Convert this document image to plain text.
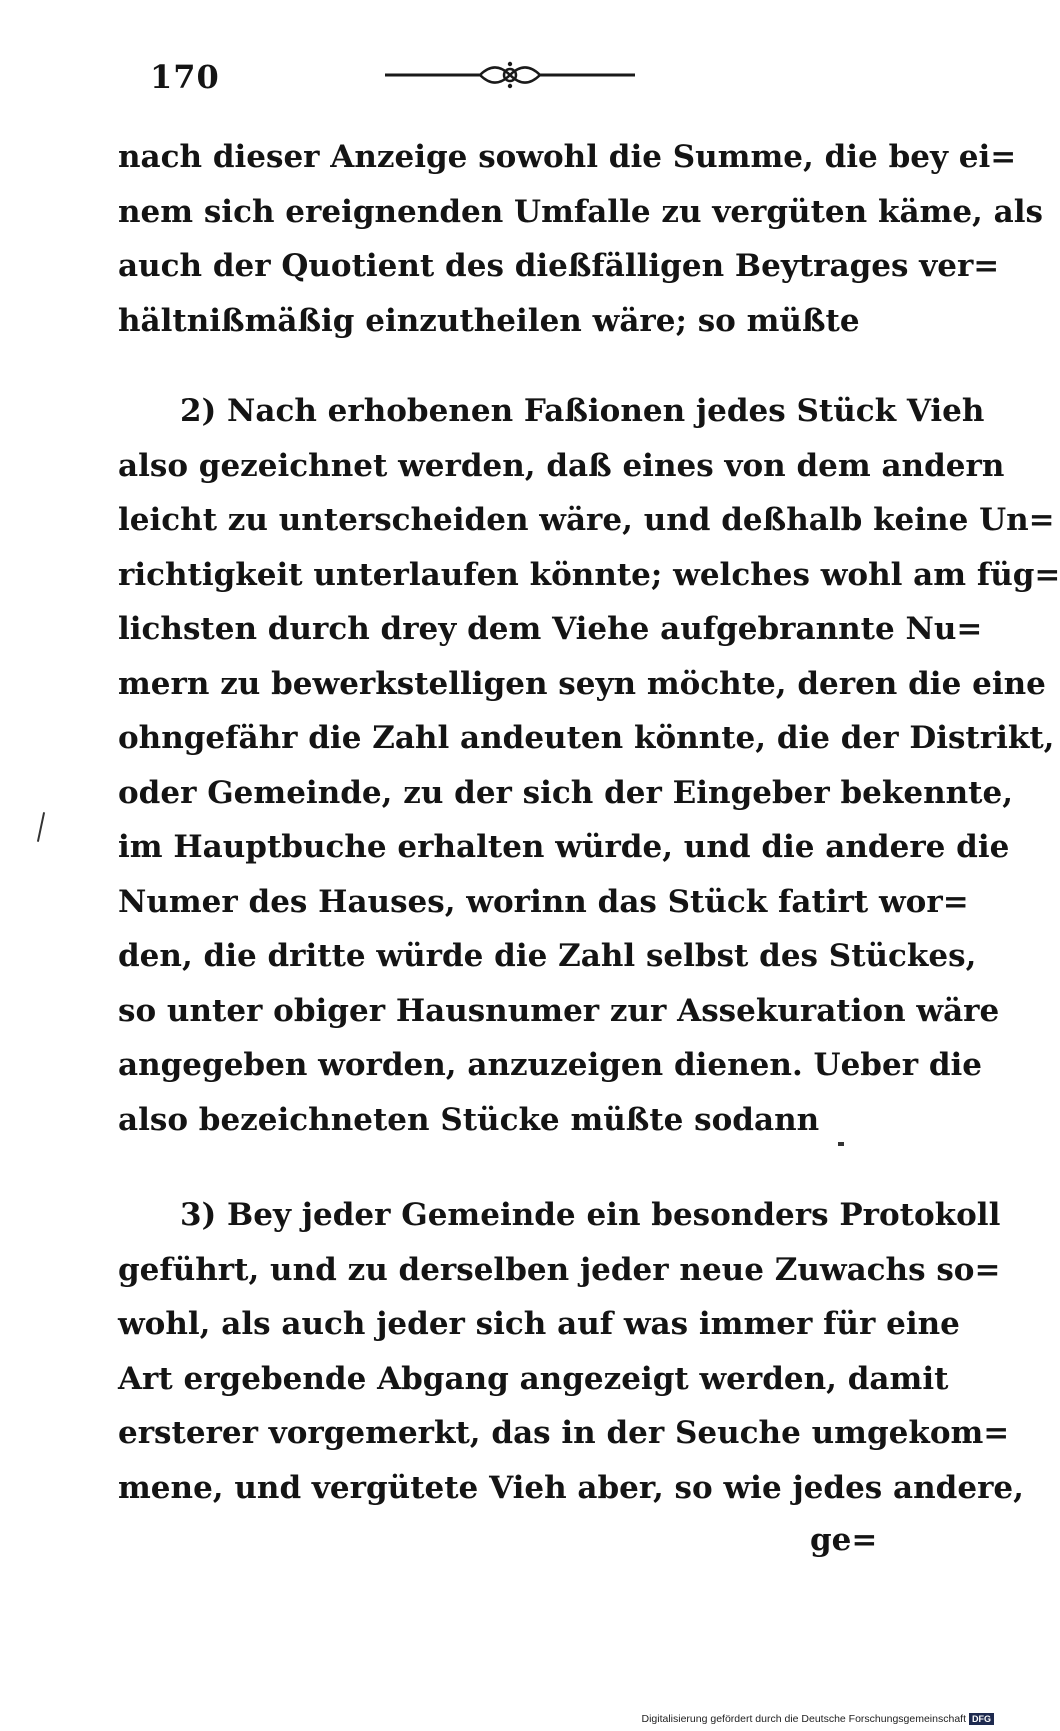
170
nach dieser Anzeige sowohl die Summe, die bey ei=
nem sich ereignenden Umfalle zu vergüten käme, als
auch der Quotient des dießfälligen Beytrages ver=
hältnißmäßig einzutheilen wäre; so müßte
2) Nach erhobenen Faßionen jedes Stück Vieh
also gezeichnet werden, daß eines von dem andern
leicht zu unterscheiden wäre, und deßhalb keine Un=
richtigkeit unterlaufen könnte; welches wohl am füg=
lichsten durch drey dem Viehe aufgebrannte Nu=
mern zu bewerkstelligen seyn möchte, deren die eine
ohngefähr die Zahl andeuten könnte, die der Distrikt,
oder Gemeinde, zu der sich der Eingeber bekennte,
im Hauptbuche erhalten würde, und die andere die
Numer des Hauses, worinn das Stück fatirt wor=
den, die dritte würde die Zahl selbst des Stückes,
so unter obiger Hausnumer zur Assekuration wäre
angegeben worden, anzuzeigen dienen. Ueber die
also bezeichneten Stücke müßte sodann
3) Bey jeder Gemeinde ein besonders Protokoll
geführt, und zu derselben jeder neue Zuwachs so=
wohl, als auch jeder sich auf was immer für eine
Art ergebende Abgang angezeigt werden, damit
ersterer vorgemerkt, das in der Seuche umgekom=
mene, und vergütete Vieh aber, so wie jedes andere,
ge=
Digitalisierung gefördert durch die Deutsche Forschungsgemeinschaft DFG
